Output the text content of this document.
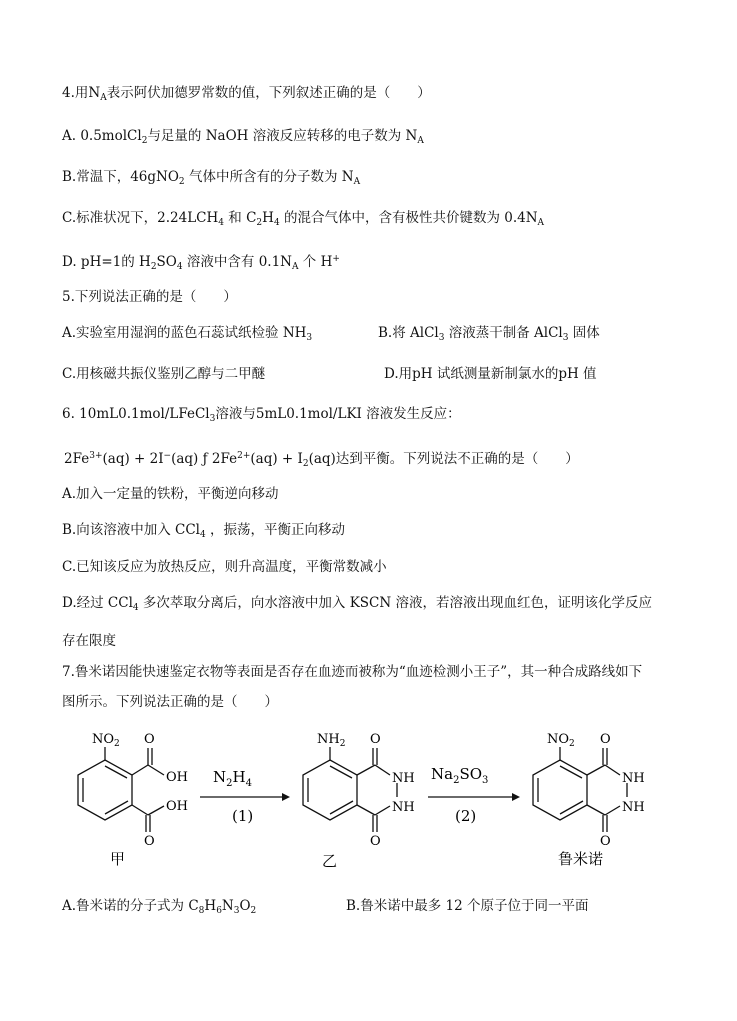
4.用$N_A$表示阿伏加德罗常数的值，下列叙述正确的是（　　）
A. 0.5molCl$_2$与足量的 NaOH 溶液反应转移的电子数为 $N_A$
B.常温下，46gNO$_2$ 气体中所含有的分子数为 $N_A$
C.标准状况下，$2.24LCH_4$ 和 $C_2H_4$ 的混合气体中，含有极性共价键数为 $0.4N_A$
D. pH=1的 $H_2SO_4$ 溶液中含有 $0.1N_A$ 个 H+
5.下列说法正确的是（　　）
A.实验室用湿润的蓝色石蕊试纸检验 $NH_3$	B.将 AlCl$_3$ 溶液蒸干制备 AlCl$_3$ 固体
C.用核磁共振仪鉴别乙醇与二甲醚	D.用pH 试纸测量新制氯水的pH 值
6. 10mL0.1mol/LFeCl$_3$溶液与5mL0.1mol/LKI 溶液发生反应：
$2Fe^{3+}(aq) + 2I^-(aq)$ ƒ $2Fe^{2+}(aq) + I_2(aq)$达到平衡。下列说法不正确的是（　　）
A.加入一定量的铁粉，平衡逆向移动
B.向该溶液中加入 CCl$_4$ ，振荡，平衡正向移动
C.已知该反应为放热反应，则升高温度，平衡常数减小
D.经过 CCl$_4$ 多次萃取分离后，向水溶液中加入 KSCN 溶液，若溶液出现血红色，证明该化学反应
存在限度
7.鲁米诺因能快速鉴定衣物等表面是否存在血迹而被称为“血迹检测小王子”，其一种合成路线如下
图所示。下列说法正确的是（　　）
$NO_2$ O
OH
OH
O
甲
$N_2H_4$
(1)
$NH_2$ O
NH
NH
O
乙
$Na_2SO_3$
(2)
$NO_2$ O
NH
NH
O
鲁米诺
A.鲁米诺的分子式为 $C_8H_6N_3O_2$	B.鲁米诺中最多 12 个原子位于同一平面
